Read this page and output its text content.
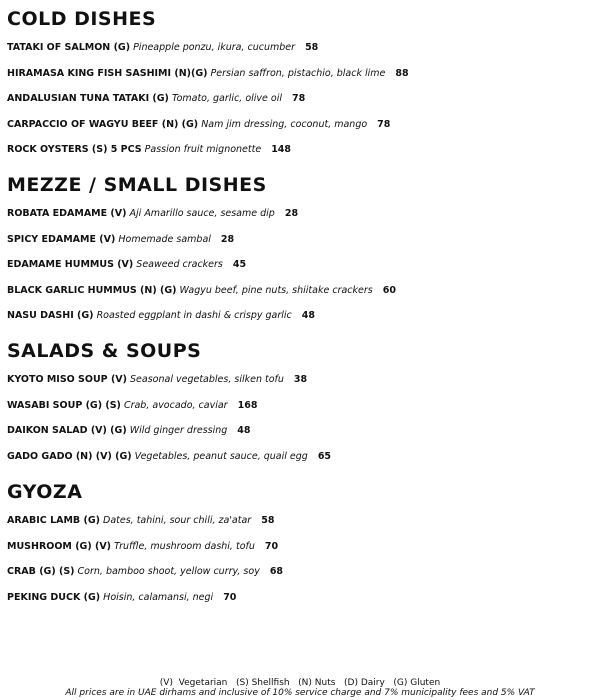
COLD DISHES
TATAKI OF SALMON (G) Pineapple ponzu, ikura, cucumber 58
HIRAMASA KING FISH SASHIMI (N)(G) Persian saffron, pistachio, black lime 88
ANDALUSIAN TUNA TATAKI (G) Tomato, garlic, olive oil 78
CARPACCIO OF WAGYU BEEF (N) (G) Nam jim dressing, coconut, mango 78
ROCK OYSTERS (S) 5 PCS Passion fruit mignonette 148
MEZZE / SMALL DISHES
ROBATA EDAMAME (V) Aji Amarillo sauce, sesame dip 28
SPICY EDAMAME (V) Homemade sambal 28
EDAMAME HUMMUS (V) Seaweed crackers 45
BLACK GARLIC HUMMUS (N) (G) Wagyu beef, pine nuts, shiitake crackers 60
NASU DASHI (G) Roasted eggplant in dashi & crispy garlic 48
SALADS & SOUPS
KYOTO MISO SOUP (V) Seasonal vegetables, silken tofu 38
WASABI SOUP (G) (S) Crab, avocado, caviar 168
DAIKON SALAD (V) (G) Wild ginger dressing 48
GADO GADO (N) (V) (G) Vegetables, peanut sauce, quail egg 65
GYOZA
ARABIC LAMB (G) Dates, tahini, sour chili, za'atar 58
MUSHROOM (G) (V) Truffle, mushroom dashi, tofu 70
CRAB (G) (S) Corn, bamboo shoot, yellow curry, soy 68
PEKING DUCK (G) Hoisin, calamansi, negi 70
(V)  Vegetarian   (S) Shellfish   (N) Nuts   (D) Dairy   (G) Gluten
All prices are in UAE dirhams and inclusive of 10% service charge and 7% municipality fees and 5% VAT
